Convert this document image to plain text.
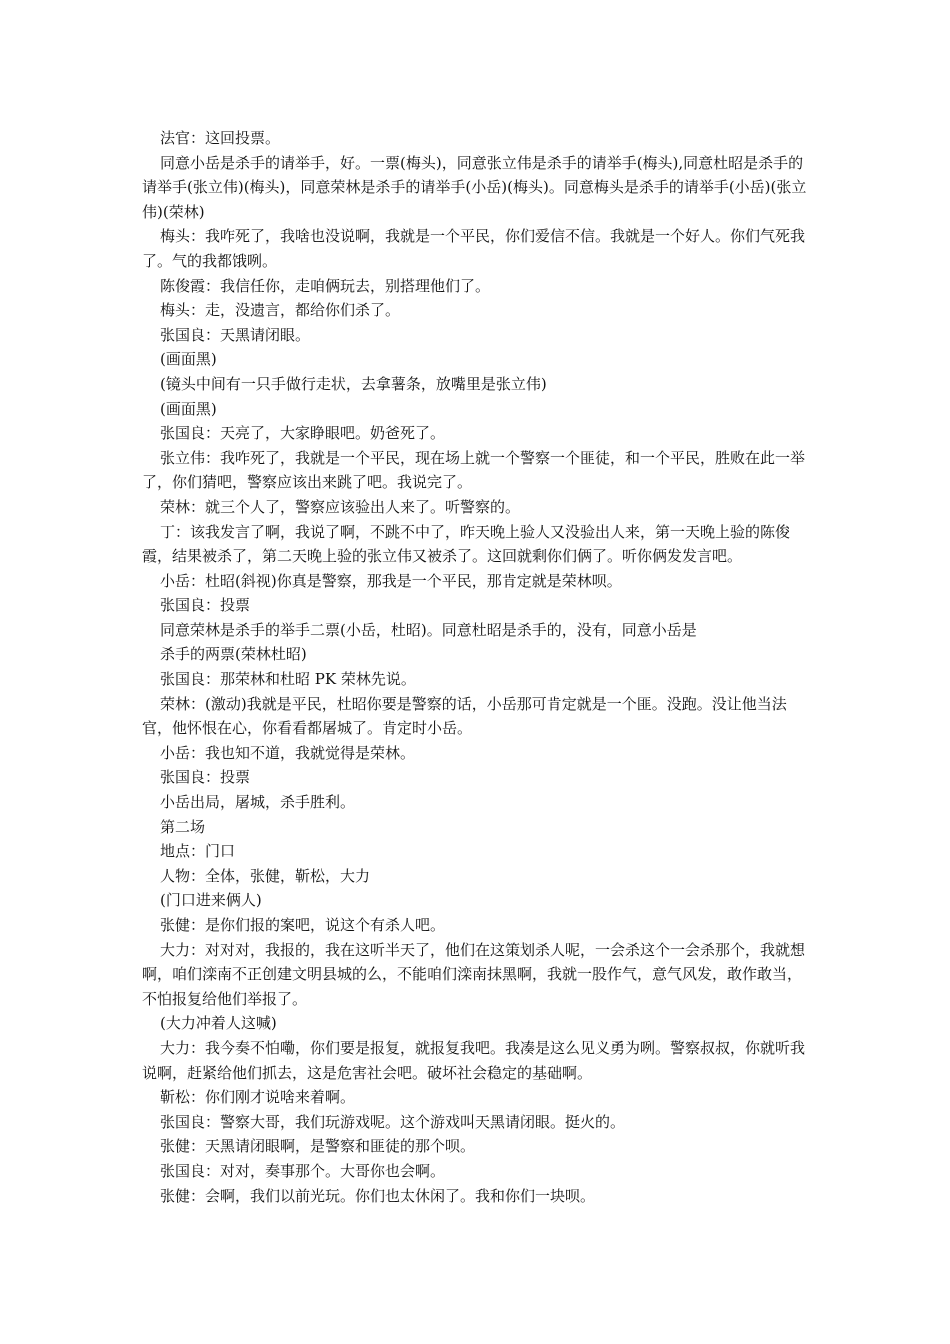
法官：这回投票。

同意小岳是杀手的请举手，好。一票(梅头)，同意张立伟是杀手的请举手(梅头),同意杜昭是杀手的请举手(张立伟)(梅头)，同意荣林是杀手的请举手(小岳)(梅头)。同意梅头是杀手的请举手(小岳)(张立伟)(荣林)

梅头：我咋死了，我啥也没说啊，我就是一个平民，你们爱信不信。我就是一个好人。你们气死我了。气的我都饿咧。

陈俊霞：我信任你，走咱俩玩去，别搭理他们了。

梅头：走，没遗言，都给你们杀了。

张国良：天黑请闭眼。

(画面黑)

(镜头中间有一只手做行走状，去拿薯条，放嘴里是张立伟)

(画面黑)

张国良：天亮了，大家睁眼吧。奶爸死了。

张立伟：我咋死了，我就是一个平民，现在场上就一个警察一个匪徒，和一个平民，胜败在此一举了，你们猜吧，警察应该出来跳了吧。我说完了。

荣林：就三个人了，警察应该验出人来了。听警察的。

丁：该我发言了啊，我说了啊，不跳不中了，昨天晚上验人又没验出人来，第一天晚上验的陈俊霞，结果被杀了，第二天晚上验的张立伟又被杀了。这回就剩你们俩了。听你俩发发言吧。

小岳：杜昭(斜视)你真是警察，那我是一个平民，那肯定就是荣林呗。

张国良：投票

同意荣林是杀手的举手二票(小岳，杜昭)。同意杜昭是杀手的，没有，同意小岳是

杀手的两票(荣林杜昭)

张国良：那荣林和杜昭 PK 荣林先说。

荣林：(激动)我就是平民，杜昭你要是警察的话，小岳那可肯定就是一个匪。没跑。没让他当法官，他怀恨在心，你看看都屠城了。肯定时小岳。

小岳：我也知不道，我就觉得是荣林。

张国良：投票

小岳出局，屠城，杀手胜利。

第二场

地点：门口

人物：全体，张健，靳松，大力

(门口进来俩人)

张健：是你们报的案吧，说这个有杀人吧。

大力：对对对，我报的，我在这听半天了，他们在这策划杀人呢，一会杀这个一会杀那个，我就想啊，咱们滦南不正创建文明县城的么，不能咱们滦南抹黑啊，我就一股作气，意气风发，敢作敢当，不怕报复给他们举报了。

(大力冲着人这喊)

大力：我今奏不怕嘞，你们要是报复，就报复我吧。我凑是这么见义勇为咧。警察叔叔，你就听我说啊，赶紧给他们抓去，这是危害社会吧。破坏社会稳定的基础啊。

靳松：你们刚才说啥来着啊。

张国良：警察大哥，我们玩游戏呢。这个游戏叫天黑请闭眼。挺火的。

张健：天黑请闭眼啊，是警察和匪徒的那个呗。

张国良：对对，奏事那个。大哥你也会啊。

张健：会啊，我们以前光玩。你们也太休闲了。我和你们一块呗。
